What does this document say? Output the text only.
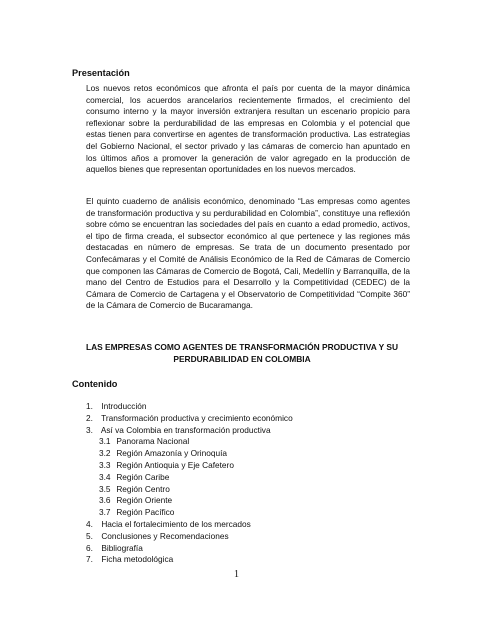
Presentación
Los nuevos retos económicos que afronta el país por cuenta de la mayor dinámica comercial, los acuerdos arancelarios recientemente firmados, el crecimiento del consumo interno y la mayor inversión extranjera resultan un escenario propicio para reflexionar sobre la perdurabilidad de las empresas en Colombia y el potencial que estas tienen para convertirse en agentes de transformación productiva. Las estrategias del Gobierno Nacional, el sector privado y las cámaras de comercio han apuntado en los últimos años a promover la generación de valor agregado en la producción de aquellos bienes que representan oportunidades en los nuevos mercados.
El quinto cuaderno de análisis económico, denominado “Las empresas como agentes de transformación productiva y su perdurabilidad en Colombia”, constituye una reflexión sobre cómo se encuentran las sociedades del país en cuanto a edad promedio, activos, el tipo de firma creada, el subsector económico al que pertenece y las regiones más destacadas en número de empresas. Se trata de un documento presentado por Confecámaras y el Comité de Análisis Económico de la Red de Cámaras de Comercio que componen las Cámaras de Comercio de Bogotá, Cali, Medellín y Barranquilla, de la mano del Centro de Estudios para el Desarrollo y la Competitividad (CEDEC) de la Cámara de Comercio de Cartagena y el Observatorio de Competitividad “Compite 360” de la Cámara de Comercio de Bucaramanga.
LAS EMPRESAS COMO AGENTES DE TRANSFORMACIÓN PRODUCTIVA Y SU PERDURABILIDAD EN COLOMBIA
Contenido
1. Introducción
2. Transformación productiva y crecimiento económico
3. Así va Colombia en transformación productiva
3.1 Panorama Nacional
3.2 Región Amazonía y Orinoquía
3.3 Región Antioquia y Eje Cafetero
3.4 Región Caribe
3.5 Región Centro
3.6 Región Oriente
3.7 Región Pacífico
4. Hacia el fortalecimiento de los mercados
5. Conclusiones y Recomendaciones
6. Bibliografía
7. Ficha metodológica
1
